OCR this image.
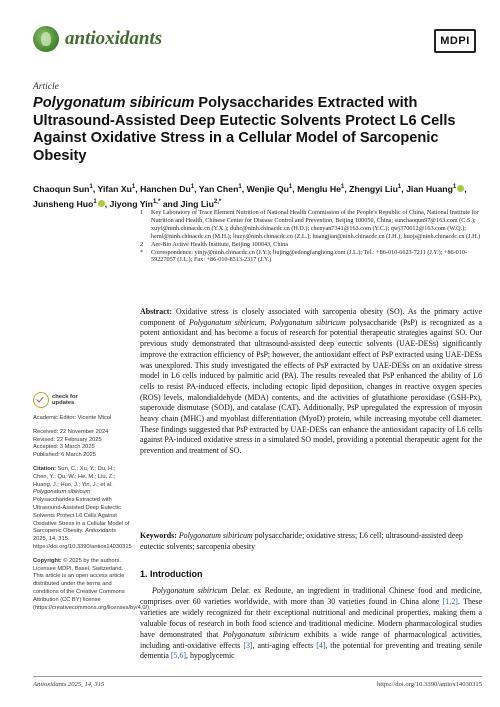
antioxidants	MDPI
Article
Polygonatum sibiricum Polysaccharides Extracted with Ultrasound-Assisted Deep Eutectic Solvents Protect L6 Cells Against Oxidative Stress in a Cellular Model of Sarcopenic Obesity
Chaoqun Sun$^1$, Yifan Xu$^1$, Hanchen Du$^1$, Yan Chen$^1$, Wenjie Qu$^1$, Menglu He$^1$, Zhengyi Liu$^1$, Jian Huang$^1$ , Junsheng Huo$^1$ , Jiyong Yin$^{1,*}$ and Jing Liu$^{2,*}$
1	Key Laboratory of Trace Element Nutrition of National Health Commission of the People's Republic of China, National Institute for Nutrition and Health, Chinese Center for Disease Control and Prevention, Beijing 100050, China; sunchaoqun97@163.com (C.S.); xuyf@ninh.chinacdc.cn (Y.X.); duhc@ninh.chinacdc.cn (H.D.); chenyan7341@163.com (Y.C.); qwj370612@163.com (W.Q.); heml@ninh.chinacdc.cn (M.H.); liuzy@ninh.chinacdc.cn (Z.L.); huangjian@ninh.chinacdc.cn (J.H.); huojs@ninh.chinacdc.cn (J.H.)
2	Aer-Bio Active Health Institute, Beijing 100043, China
*	Correspondence: yinjy@ninh.chinacdc.cn (J.Y.); liujing@edongfanghong.com (J.L.); Tel.: +86-010-6623-7211 (J.Y.); +86-010-59227057 (J.L.); Fax: +86-010-8313-2317 (J.Y.)
Abstract: Oxidative stress is closely associated with sarcopenia obesity (SO). As the primary active component of Polygonatum sibiricum, Polygonatum sibiricum polysaccharide (PsP) is recognized as a potent antioxidant and has become a focus of research for potential therapeutic strategies against SO. Our previous study demonstrated that ultrasound-assisted deep eutectic solvents (UAE-DESs) significantly improve the extraction efficiency of PsP; however, the antioxidant effect of PsP extracted using UAE-DESs was unexplored. This study investigated the effects of PsP extracted by UAE-DESs on an oxidative stress model in L6 cells induced by palmitic acid (PA). The results revealed that PsP enhanced the ability of L6 cells to resist PA-induced effects, including ectopic lipid deposition, changes in reactive oxygen species (ROS) levels, malondialdehyde (MDA) contents, and the activities of glutathione peroxidase (GSH-Px), superoxide dismutase (SOD), and catalase (CAT). Additionally, PsP upregulated the expression of myosin heavy chain (MHC) and myoblast differentiation (MyoD) protein, while increasing myotube cell diameter. These findings suggested that PsP extracted by UAE-DESs can enhance the antioxidant capacity of L6 cells against PA-induced oxidative stress in a simulated SO model, providing a potential therapeutic agent for the prevention and treatment of SO.
Keywords: Polygonatum sibiricum polysaccharide; oxidative stress; L6 cell; ultrasound-assisted deep eutectic solvents; sarcopenia obesity
check for
updates
Academic Editor: Vicente Micol
Received: 22 November 2024
Revised: 22 February 2025
Accepted: 3 March 2025
Published: 6 March 2025
Citation: Sun, C.; Xu, Y.; Du, H.; Chen, Y.; Qu, W.; He, M.; Liu, Z.; Huang, J.; Huo, J.; Yin, J.; et al. Polygonatum sibiricum Polysaccharides Extracted with Ultrasound-Assisted Deep Eutectic Solvents Protect L6 Cells Against Oxidative Stress in a Cellular Model of Sarcopenic Obesity. Antioxidants 2025, 14, 315. https://doi.org/10.3390/antiox14030315
Copyright: © 2025 by the authors. Licensee MDPI, Basel, Switzerland. This article is an open access article distributed under the terms and conditions of the Creative Commons Attribution (CC BY) license (https://creativecommons.org/licenses/by/4.0/).
1. Introduction
Polygonatum sibiricum Delar. ex Redoute, an ingredient in traditional Chinese food and medicine, comprises over 60 varieties worldwide, with more than 30 varieties found in China alone [1,2]. These varieties are widely recognized for their exceptional nutritional and medicinal properties, making them a valuable focus of research in both food science and traditional medicine. Modern pharmacological studies have demonstrated that Polygonatum sibiricum exhibits a wide range of pharmacological activities, including anti-oxidative effects [3], anti-aging effects [4], the potential for preventing and treating senile dementia [5,6], hypoglycemic
Antioxidants 2025, 14, 315	https://doi.org/10.3390/antiox14030315
